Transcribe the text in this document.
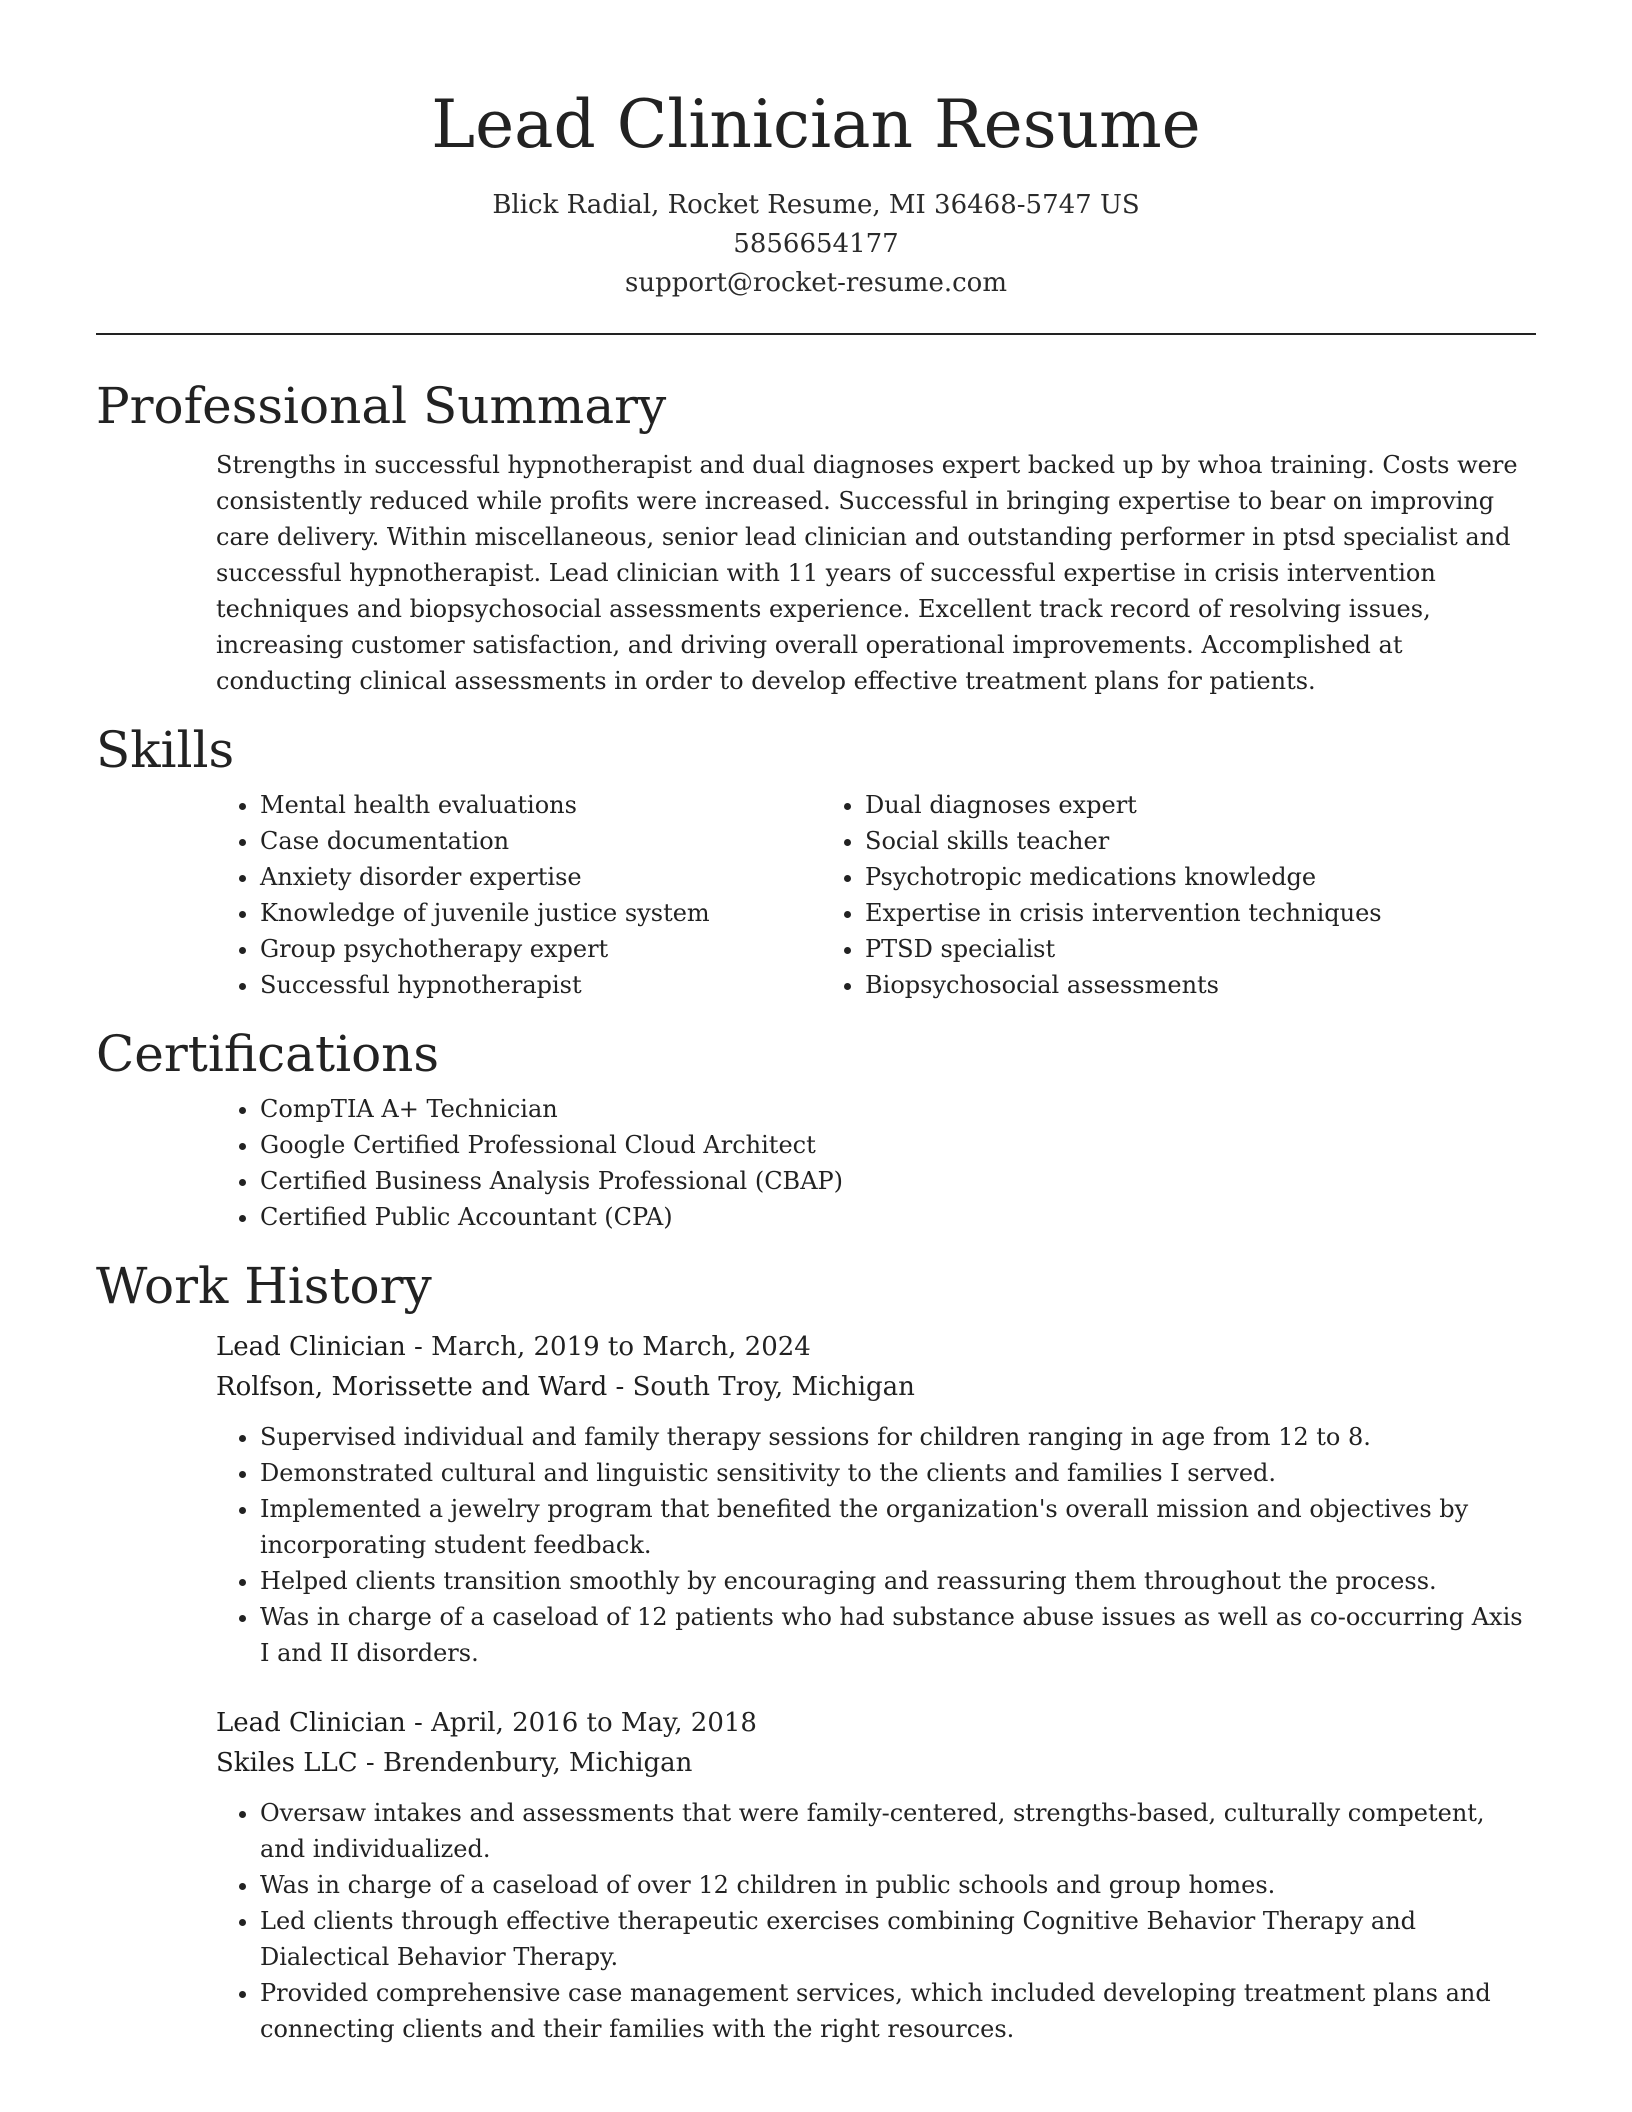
Lead Clinician Resume
Blick Radial, Rocket Resume, MI 36468-5747 US
5856654177
support@rocket-resume.com
Professional Summary

Strengths in successful hypnotherapist and dual diagnoses expert backed up by whoa training. Costs were consistently reduced while profits were increased. Successful in bringing expertise to bear on improving care delivery. Within miscellaneous, senior lead clinician and outstanding performer in ptsd specialist and successful hypnotherapist. Lead clinician with 11 years of successful expertise in crisis intervention techniques and biopsychosocial assessments experience. Excellent track record of resolving issues, increasing customer satisfaction, and driving overall operational improvements. Accomplished at conducting clinical assessments in order to develop effective treatment plans for patients.

Skills
• Mental health evaluations
• Case documentation
• Anxiety disorder expertise
• Knowledge of juvenile justice system
• Group psychotherapy expert
• Successful hypnotherapist
• Dual diagnoses expert
• Social skills teacher
• Psychotropic medications knowledge
• Expertise in crisis intervention techniques
• PTSD specialist
• Biopsychosocial assessments
Certifications
• CompTIA A+ Technician
• Google Certified Professional Cloud Architect
• Certified Business Analysis Professional (CBAP)
• Certified Public Accountant (CPA)
Work History
Lead Clinician - March, 2019 to March, 2024
Rolfson, Morissette and Ward - South Troy, Michigan
• Supervised individual and family therapy sessions for children ranging in age from 12 to 8.
• Demonstrated cultural and linguistic sensitivity to the clients and families I served.
• Implemented a jewelry program that benefited the organization's overall mission and objectives by incorporating student feedback.
• Helped clients transition smoothly by encouraging and reassuring them throughout the process.
• Was in charge of a caseload of 12 patients who had substance abuse issues as well as co-occurring Axis I and II disorders.
Lead Clinician - April, 2016 to May, 2018
Skiles LLC - Brendenbury, Michigan
• Oversaw intakes and assessments that were family-centered, strengths-based, culturally competent, and individualized.
• Was in charge of a caseload of over 12 children in public schools and group homes.
• Led clients through effective therapeutic exercises combining Cognitive Behavior Therapy and Dialectical Behavior Therapy.
• Provided comprehensive case management services, which included developing treatment plans and connecting clients and their families with the right resources.
